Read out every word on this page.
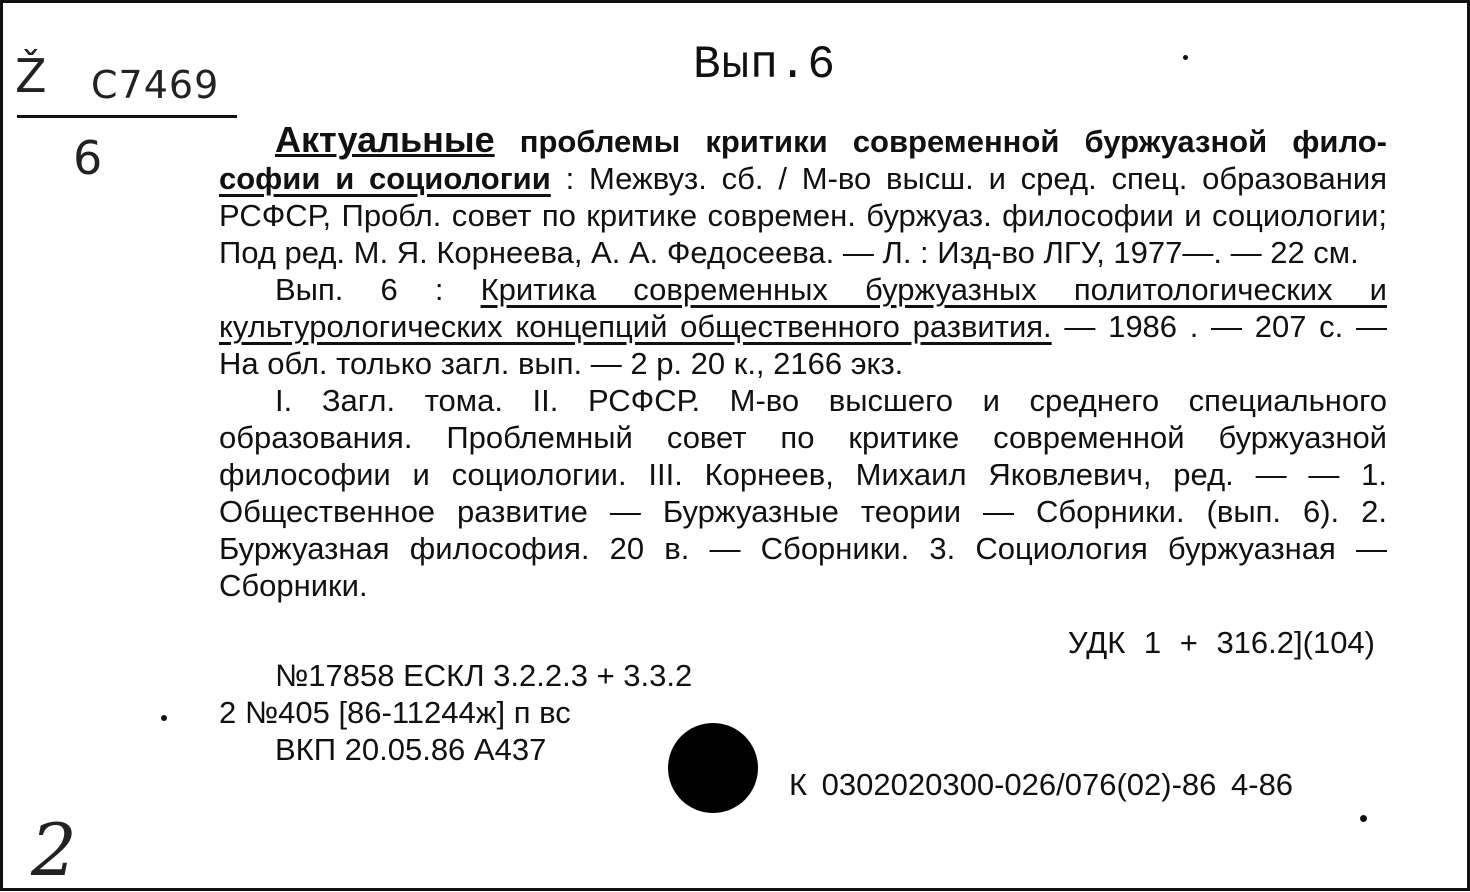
Ž C7469
6
2
Вып.6

Актуальные проблемы критики современной буржуазной фило- софии и социологии : Межвуз. сб. / М-во высш. и сред. спец. образования РСФСР, Пробл. совет по критике современ. буржуаз. философии и социологии; Под ред. М. Я. Корнеева, А. А. Федосеева. — Л. : Изд-во ЛГУ, 1977—. — 22 см.

Вып. 6 : Критика современных буржуазных политологических и культурологических концепций общественного развития. — 1986 . — 207 с. — На обл. только загл. вып. — 2 р. 20 к., 2166 экз.

I. Загл. тома. II. РСФСР. М-во высшего и среднего специального образования. Проблемный совет по критике современной буржуазной философии и социологии. III. Корнеев, Михаил Яковлевич, ред. — — 1. Общественное развитие — Буржуазные теории — Сборники. (вып. 6). 2. Буржуазная философия. 20 в. — Сборники. 3. Социология буржуазная — Сборники.

УДК 1 + 316.2](104)
№17858 ЕСКЛ 3.2.2.3 + 3.3.2
2 №405 [86-11244ж] п вс
ВКП 20.05.86 А437
К 0302020300-026/076(02)-86 4-86
